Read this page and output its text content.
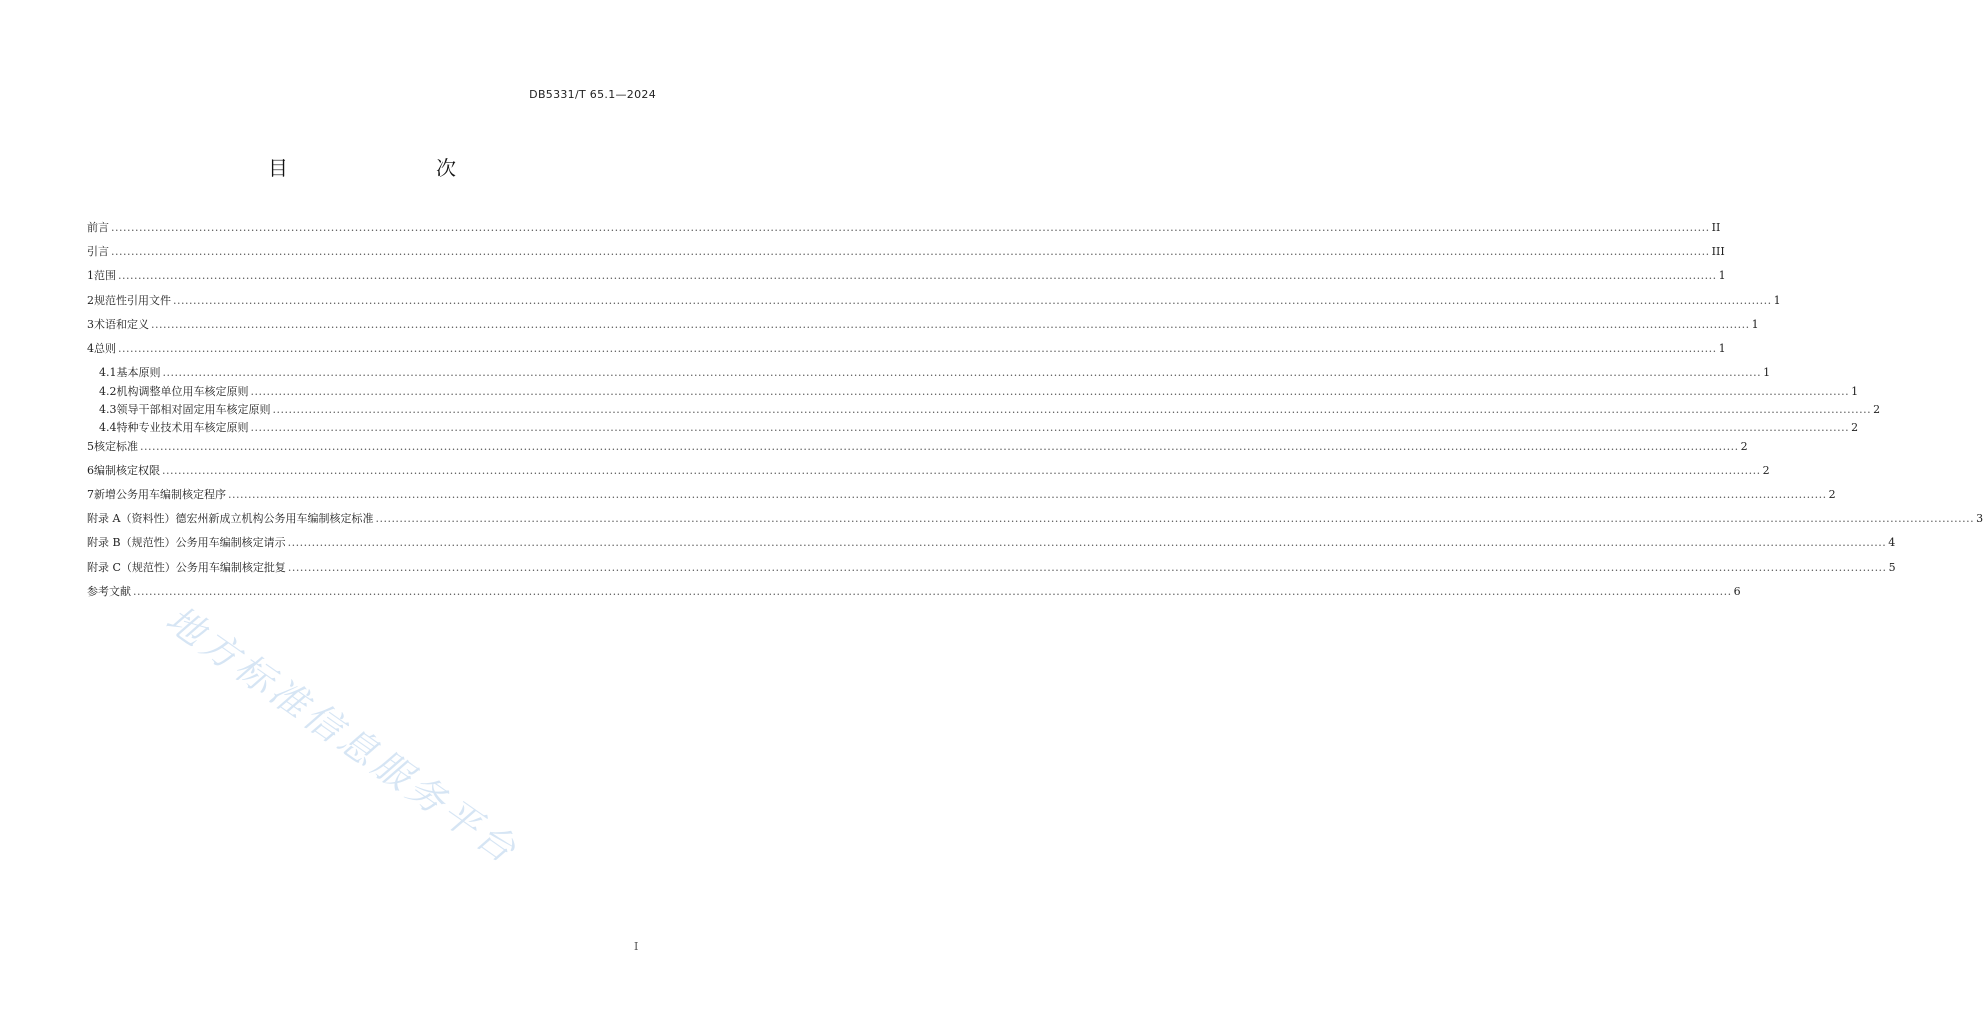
DB5331/T 65.1—2024
目　　次
前言 ................................................................................................................................................................................................................................................................................................................................................................................................................ II
引言 ................................................................................................................................................................................................................................................................................................................................................................................................................ III
1 范围 ................................................................................................................................................................................................................................................................................................................................................................................................................ 1
2 规范性引用文件 ................................................................................................................................................................................................................................................................................................................................................................................................................ 1
3 术语和定义 ................................................................................................................................................................................................................................................................................................................................................................................................................ 1
4 总则 ................................................................................................................................................................................................................................................................................................................................................................................................................ 1
4.1 基本原则 ................................................................................................................................................................................................................................................................................................................................................................................................................ 1
4.2 机构调整单位用车核定原则 ................................................................................................................................................................................................................................................................................................................................................................................................................ 1
4.3 领导干部相对固定用车核定原则 ................................................................................................................................................................................................................................................................................................................................................................................................................ 2
4.4 特种专业技术用车核定原则 ................................................................................................................................................................................................................................................................................................................................................................................................................ 2
5 核定标准 ................................................................................................................................................................................................................................................................................................................................................................................................................ 2
6 编制核定权限 ................................................................................................................................................................................................................................................................................................................................................................................................................ 2
7 新增公务用车编制核定程序 ................................................................................................................................................................................................................................................................................................................................................................................................................ 2
附录 A（资料性） 德宏州新成立机构公务用车编制核定标准 ................................................................................................................................................................................................................................................................................................................................................................................................................ 3
附录 B（规范性） 公务用车编制核定请示 ................................................................................................................................................................................................................................................................................................................................................................................................................ 4
附录 C（规范性） 公务用车编制核定批复 ................................................................................................................................................................................................................................................................................................................................................................................................................ 5
参考文献 ................................................................................................................................................................................................................................................................................................................................................................................................................ 6
地方标准信息服务平台
I
